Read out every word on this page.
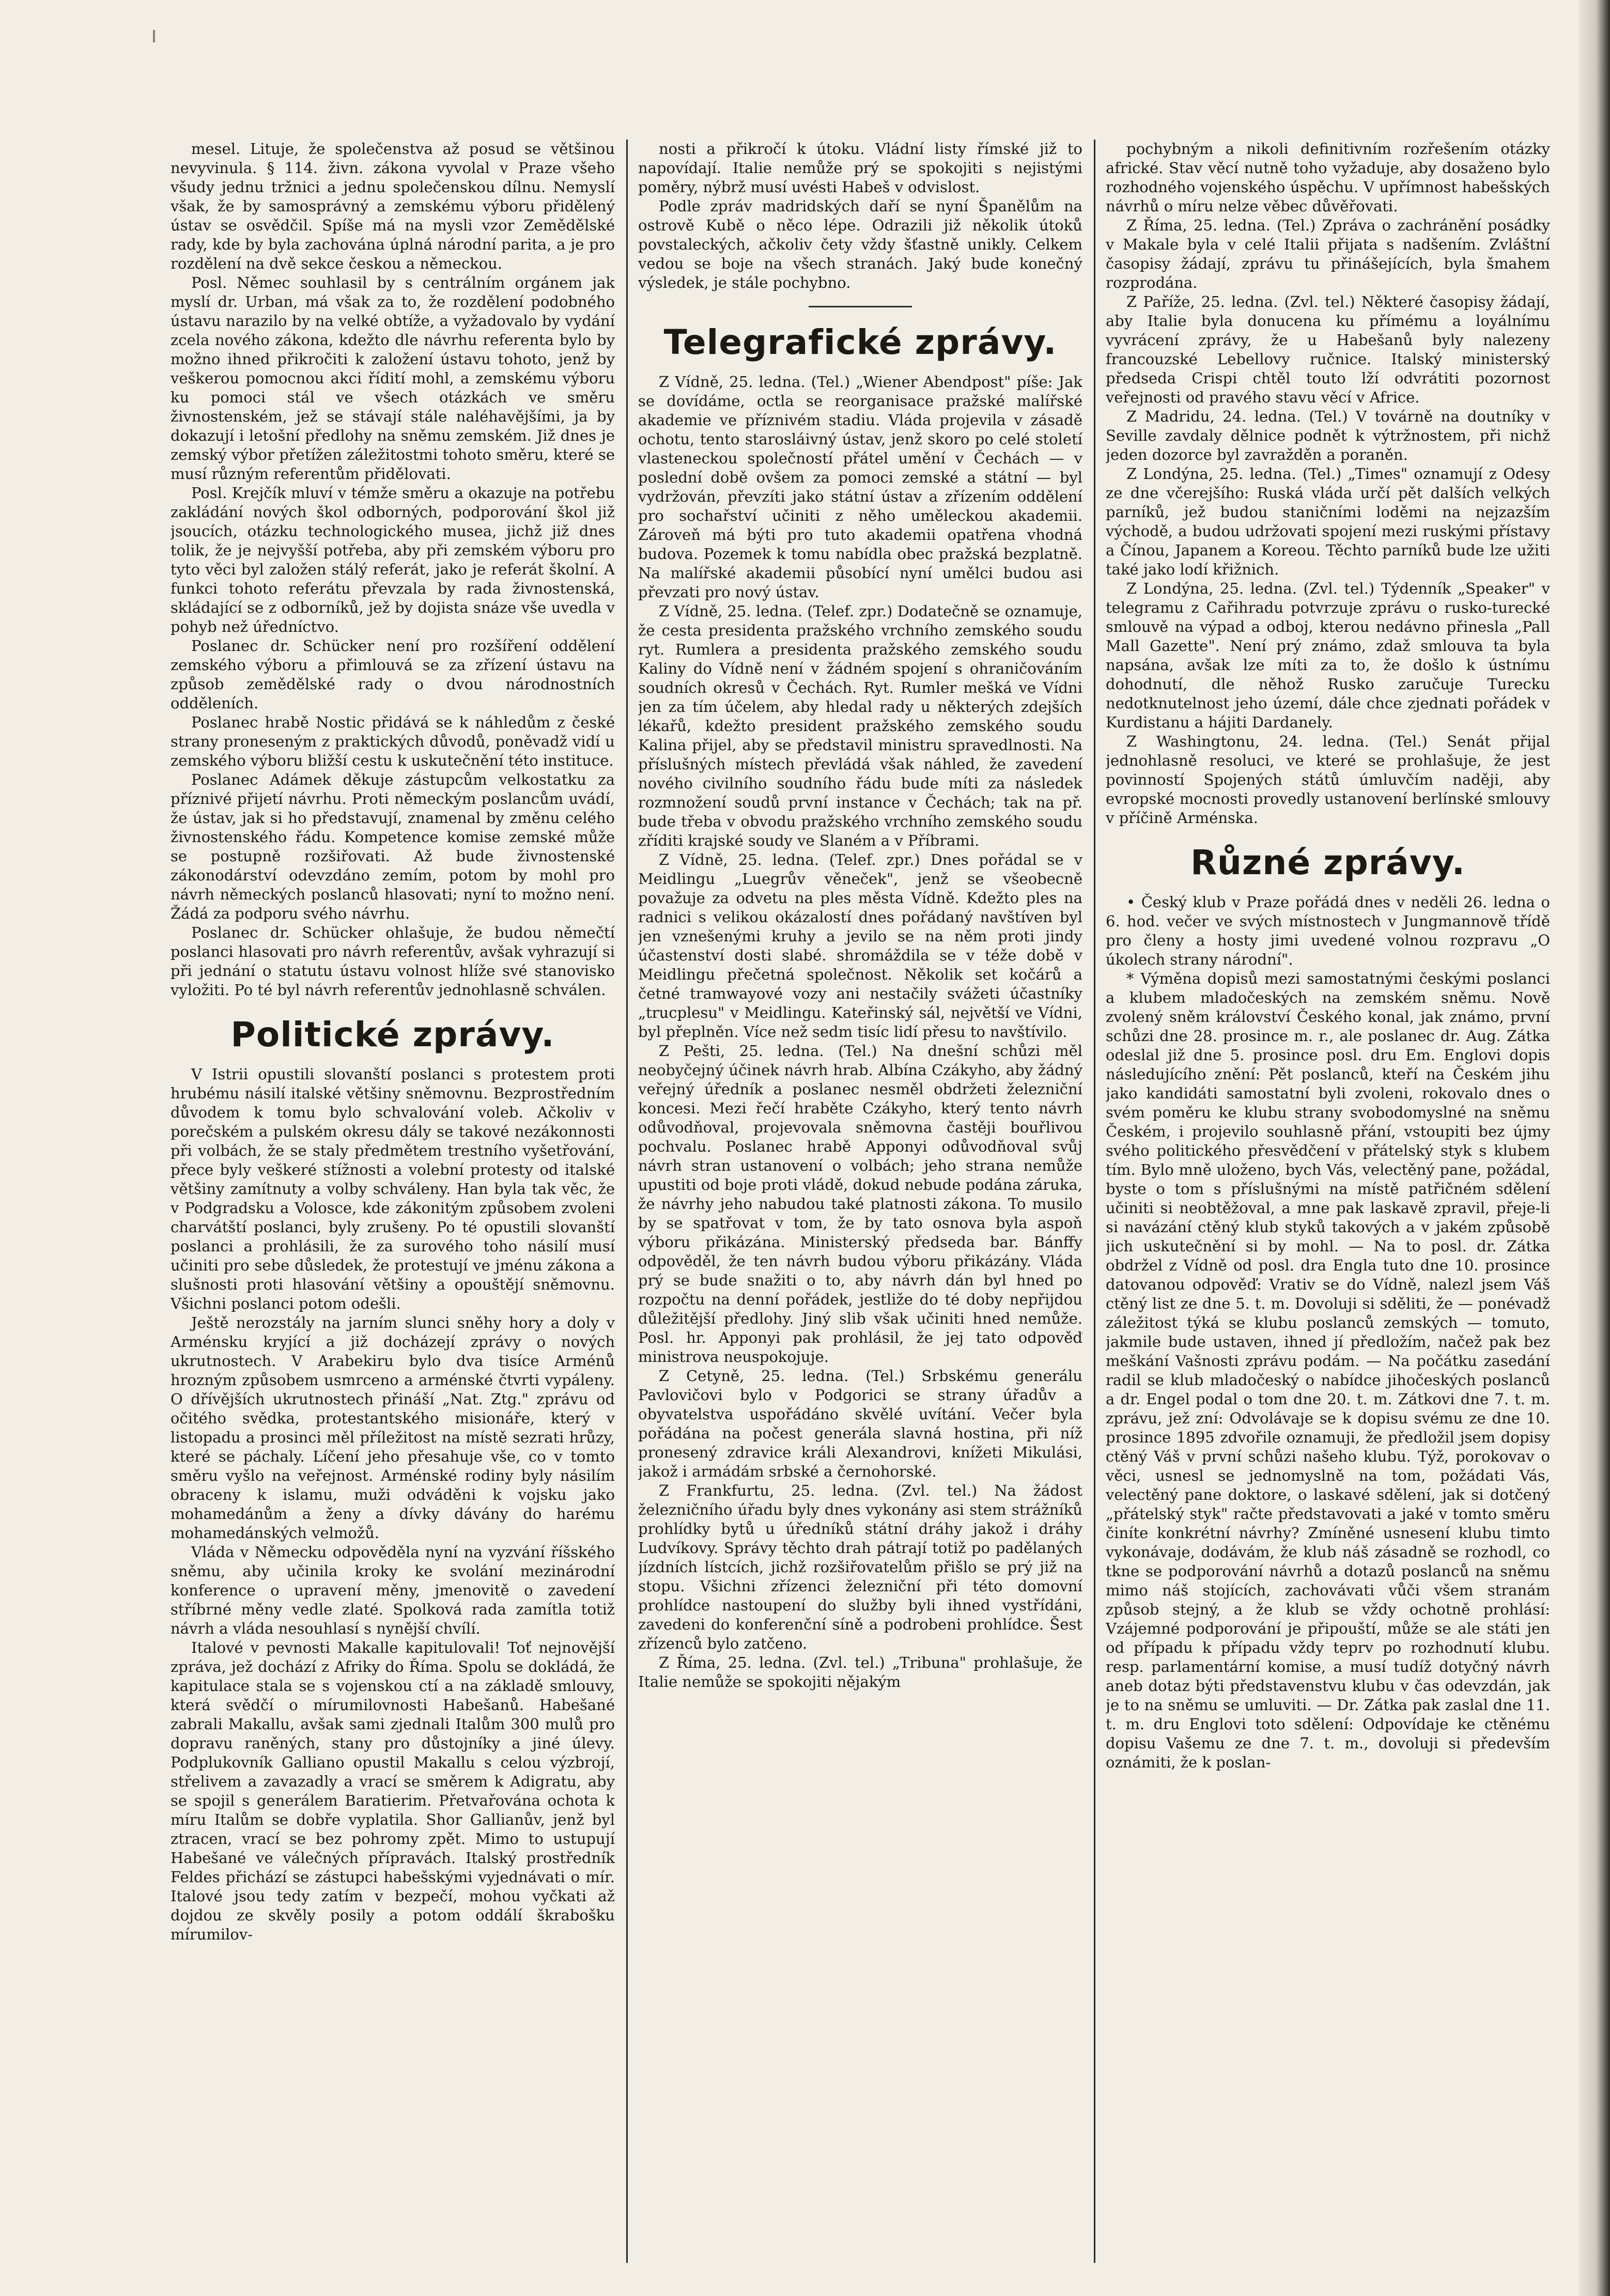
mesel. Lituje, že společenstva až posud se většinou nevyvinula. § 114. živn. zákona vyvolal v Praze všeho všudy jednu tržnici a jednu společenskou dílnu. Nemyslí však, že by samosprávný a zemskému výboru přidělený ústav se osvědčil. Spíše má na mysli vzor Zemědělské rady, kde by byla zachována úplná národní parita, a je pro rozdělení na dvě sekce českou a německou.

Posl. Němec souhlasil by s centrálním orgánem jak myslí dr. Urban, má však za to, že rozdělení podobného ústavu narazilo by na velké obtíže, a vyžadovalo by vydání zcela nového zákona, kdežto dle návrhu referenta bylo by možno ihned přikročiti k založení ústavu tohoto, jenž by veškerou pomocnou akci řídití mohl, a zemskému výboru ku pomoci stál ve všech otázkách ve směru živnostenském, jež se stávají stále naléhavějšími, ja by dokazují i letošní předlohy na sněmu zemském. Již dnes je zemský výbor přetížen záležitostmi tohoto směru, které se musí různým referentům přidělovati.

Posl. Krejčík mluví v témže směru a okazuje na potřebu zakládání nových škol odborných, podporování škol již jsoucích, otázku technologického musea, jichž již dnes tolik, že je nejvyšší potřeba, aby při zemském výboru pro tyto věci byl založen stálý referát, jako je referát školní. A funkci tohoto referátu převzala by rada živnostenská, skládající se z odborníků, jež by dojista snáze vše uvedla v pohyb než úředníctvo.

Poslanec dr. Schücker není pro rozšíření oddělení zemského výboru a přimlouvá se za zřízení ústavu na způsob zemědělské rady o dvou národnostních odděleních.

Poslanec hrabě Nostic přidává se k náhledům z české strany proneseným z praktických důvodů, poněvadž vidí u zemského výboru bližší cestu k uskutečnění této instituce.

Poslanec Adámek děkuje zástupcům velkostatku za příznivé přijetí návrhu. Proti německým poslancům uvádí, že ústav, jak si ho představují, znamenal by změnu celého živnostenského řádu. Kompetence komise zemské může se postupně rozšiřovati. Až bude živnostenské zákonodárství odevzdáno zemím, potom by mohl pro návrh německých poslanců hlasovati; nyní to možno není. Žádá za podporu svého návrhu.

Poslanec dr. Schücker ohlašuje, že budou němečtí poslanci hlasovati pro návrh referentův, avšak vyhrazují si při jednání o statutu ústavu volnost hlíže své stanovisko vyložiti. Po té byl návrh referentův jednohlasně schválen.

Politické zprávy.

V Istrii opustili slovanští poslanci s protestem proti hrubému násilí italské většiny sněmovnu. Bezprostředním důvodem k tomu bylo schvalování voleb. Ačkoliv v porečském a pulském okresu dály se takové nezákonnosti při volbách, že se staly předmětem trestního vyšetřování, přece byly veškeré stížnosti a volební protesty od italské většiny zamítnuty a volby schváleny. Han byla tak věc, že v Podgradsku a Volosce, kde zákonitým způsobem zvoleni charvátští poslanci, byly zrušeny. Po té opustili slovanští poslanci a prohlásili, že za surového toho násilí musí učiniti pro sebe důsledek, že protestují ve jménu zákona a slušnosti proti hlasování většiny a opouštějí sněmovnu. Všichni poslanci potom odešli.

Ještě nerozstály na jarním slunci sněhy hory a doly v Arménsku kryjící a již docházejí zprávy o nových ukrutnostech. V Arabekiru bylo dva tisíce Arménů hrozným způsobem usmrceno a arménské čtvrti vypáleny. O dřívějších ukrutnostech přináší „Nat. Ztg." zprávu od očitého svědka, protestantského misionáře, který v listopadu a prosinci měl příležitost na místě sezrati hrůzy, které se páchaly. Líčení jeho přesahuje vše, co v tomto směru vyšlo na veřejnost. Arménské rodiny byly násilím obraceny k islamu, muži odváděni k vojsku jako mohamedánům a ženy a dívky dávány do harému mohamedánských velmožů.

Vláda v Německu odpověděla nyní na vyzvání říšského sněmu, aby učinila kroky ke svolání mezinárodní konference o upravení měny, jmenovitě o zavedení stříbrné měny vedle zlaté. Spolková rada zamítla totiž návrh a vláda nesouhlasí s nynější chvílí.

Italové v pevnosti Makalle kapitulovali! Toť nejnovější zpráva, jež dochází z Afriky do Říma. Spolu se dokládá, že kapitulace stala se s vojenskou ctí a na základě smlouvy, která svědčí o mírumilovnosti Habešanů. Habešané zabrali Makallu, avšak sami zjednali Italům 300 mulů pro dopravu raněných, stany pro důstojníky a jiné úlevy. Podplukovník Galliano opustil Makallu s celou výzbrojí, střelivem a zavazadly a vrací se směrem k Adigratu, aby se spojil s generálem Baratierim. Přetvařována ochota k míru Italům se dobře vyplatila. Shor Gallianův, jenž byl ztracen, vrací se bez pohromy zpět. Mimo to ustupují Habešané ve válečných přípravách. Italský prostředník Feldes přichází se zástupci habešskými vyjednávati o mír. Italové jsou tedy zatím v bezpečí, mohou vyčkati až dojdou ze skvěly posily a potom oddálí škrabošku mírumilov-

nosti a přikročí k útoku. Vládní listy římské již to napovídají. Italie nemůže prý se spokojiti s nejistými poměry, nýbrž musí uvésti Habeš v odvislost.

Podle zpráv madridských daří se nyní Španělům na ostrově Kubě o něco lépe. Odrazili již několik útoků povstaleckých, ačkoliv čety vždy šťastně unikly. Celkem vedou se boje na všech stranách. Jaký bude konečný výsledek, je stále pochybno.

Telegrafické zprávy.

Z Vídně, 25. ledna. (Tel.) „Wiener Abendpost" píše: Jak se dovídáme, octla se reorganisace pražské malířské akademie ve příznivém stadiu. Vláda projevila v zásadě ochotu, tento starosláivný ústav, jenž skoro po celé století vlasteneckou společností přátel umění v Čechách — v poslední době ovšem za pomoci zemské a státní — byl vydržován, převzíti jako státní ústav a zřízením oddělení pro sochařství učiniti z něho uměleckou akademii. Zároveň má býti pro tuto akademii opatřena vhodná budova. Pozemek k tomu nabídla obec pražská bezplatně. Na malířské akademii působící nyní umělci budou asi převzati pro nový ústav.

Z Vídně, 25. ledna. (Telef. zpr.) Dodatečně se oznamuje, že cesta presidenta pražského vrchního zemského soudu ryt. Rumlera a presidenta pražského zemského soudu Kaliny do Vídně není v žádném spojení s ohraničováním soudních okresů v Čechách. Ryt. Rumler mešká ve Vídni jen za tím účelem, aby hledal rady u některých zdejších lékařů, kdežto president pražského zemského soudu Kalina přijel, aby se představil ministru spravedlnosti. Na příslušných místech převládá však náhled, že zavedení nového civilního soudního řádu bude míti za následek rozmnožení soudů první instance v Čechách; tak na př. bude třeba v obvodu pražského vrchního zemského soudu zříditi krajské soudy ve Slaném a v Příbrami.

Z Vídně, 25. ledna. (Telef. zpr.) Dnes pořádal se v Meidlingu „Luegrův věneček", jenž se všeobecně považuje za odvetu na ples města Vídně. Kdežto ples na radnici s velikou okázalostí dnes pořádaný navštíven byl jen vznešenými kruhy a jevilo se na něm proti jindy účastenství dosti slabé. shromáždila se v téže době v Meidlingu přečetná společnost. Několik set kočárů a četné tramwayové vozy ani nestačily svážeti účastníky „trucplesu" v Meidlingu. Kateřinský sál, největší ve Vídni, byl přeplněn. Více než sedm tisíc lidí přesu to navštívilo.

Z Pešti, 25. ledna. (Tel.) Na dnešní schůzi měl neobyčejný účinek návrh hrab. Albína Czákyho, aby žádný veřejný úředník a poslanec nesměl obdržeti železniční koncesi. Mezi řečí hraběte Czákyho, který tento návrh odůvodňoval, projevovala sněmovna častěji bouřlivou pochvalu. Poslanec hrabě Apponyi odůvodňoval svůj návrh stran ustanovení o volbách; jeho strana nemůže upustiti od boje proti vládě, dokud nebude podána záruka, že návrhy jeho nabudou také platnosti zákona. To musilo by se spatřovat v tom, že by tato osnova byla aspoň výboru přikázána. Ministerský předseda bar. Bánffy odpověděl, že ten návrh budou výboru přikázány. Vláda prý se bude snažiti o to, aby návrh dán byl hned po rozpočtu na denní pořádek, jestliže do té doby nepřijdou důležitější předlohy. Jiný slib však učiniti hned nemůže. Posl. hr. Apponyi pak prohlásil, že jej tato odpověď ministrova neuspokojuje.

Z Cetyně, 25. ledna. (Tel.) Srbskému generálu Pavlovičovi bylo v Podgorici se strany úřadův a obyvatelstva uspořádáno skvělé uvítání. Večer byla pořádána na počest generála slavná hostina, při níž pronesený zdravice králi Alexandrovi, knížeti Mikulási, jakož i armádám srbské a černohorské.

Z Frankfurtu, 25. ledna. (Zvl. tel.) Na žádost železničního úřadu byly dnes vykonány asi stem strážníků prohlídky bytů u úředníků státní dráhy jakož i dráhy Ludvíkovy. Správy těchto drah pátrají totiž po padělaných jízdních lístcích, jichž rozšiřovatelům přišlo se prý již na stopu. Všichni zřízenci železniční při této domovní prohlídce nastoupení do služby byli ihned vystřídáni, zavedeni do konferenční síně a podrobeni prohlídce. Šest zřízenců bylo zatčeno.

Z Říma, 25. ledna. (Zvl. tel.) „Tribuna" prohlašuje, že Italie nemůže se spokojiti nějakým

pochybným a nikoli definitivním rozřešením otázky africké. Stav věcí nutně toho vyžaduje, aby dosaženo bylo rozhodného vojenského úspěchu. V upřímnost habešských návrhů o míru nelze věbec důvěřovati.

Z Říma, 25. ledna. (Tel.) Zpráva o zachránění posádky v Makale byla v celé Italii přijata s nadšením. Zvláštní časopisy žádají, zprávu tu přinášejících, byla šmahem rozprodána.

Z Paříže, 25. ledna. (Zvl. tel.) Některé časopisy žádají, aby Italie byla donucena ku přímému a loyálnímu vyvrácení zprávy, že u Habešanů byly nalezeny francouzské Lebellovy ručnice. Italský ministerský předseda Crispi chtěl touto lží odvrátiti pozornost veřejnosti od pravého stavu věcí v Africe.

Z Madridu, 24. ledna. (Tel.) V továrně na doutníky v Seville zavdaly dělnice podnět k výtržnostem, při nichž jeden dozorce byl zavražděn a poraněn.

Z Londýna, 25. ledna. (Tel.) „Times" oznamují z Odesy ze dne včerejšího: Ruská vláda určí pět dalších velkých parníků, jež budou staničními loděmi na nejzazším východě, a budou udržovati spojení mezi ruskými přístavy a Čínou, Japanem a Koreou. Těchto parníků bude lze užiti také jako lodí křižnich.

Z Londýna, 25. ledna. (Zvl. tel.) Týdenník „Speaker" v telegramu z Cařihradu potvrzuje zprávu o rusko-turecké smlouvě na výpad a odboj, kterou nedávno přinesla „Pall Mall Gazette". Není prý známo, zdaž smlouva ta byla napsána, avšak lze míti za to, že došlo k ústnímu dohodnutí, dle něhož Rusko zaručuje Turecku nedotknutelnost jeho území, dále chce zjednati pořádek v Kurdistanu a hájiti Dardanely.

Z Washingtonu, 24. ledna. (Tel.) Senát přijal jednohlasně resoluci, ve které se prohlašuje, že jest povinností Spojených států úmluvčím naději, aby evropské mocnosti provedly ustanovení berlínské smlouvy v příčině Arménska.

Různé zprávy.

• Český klub v Praze pořádá dnes v neděli 26. ledna o 6. hod. večer ve svých místnostech v Jungmannově třídě pro členy a hosty jimi uvedené volnou rozpravu „O úkolech strany národní".

* Výměna dopisů mezi samostatnými českými poslanci a klubem mladočeských na zemském sněmu. Nově zvolený sněm království Českého konal, jak známo, první schůzi dne 28. prosince m. r., ale poslanec dr. Aug. Zátka odeslal již dne 5. prosince posl. dru Em. Englovi dopis následujícího znění: Pět poslanců, kteří na Českém jihu jako kandidáti samostatní byli zvoleni, rokovalo dnes o svém poměru ke klubu strany svobodomyslné na sněmu Českém, i projevilo souhlasně přání, vstoupiti bez újmy svého politického přesvědčení v přátelský styk s klubem tím. Bylo mně uloženo, bych Vás, velectěný pane, požádal, byste o tom s příslušnými na místě patřičném sdělení učiniti si neobtěžoval, a mne pak laskavě zpravil, přeje-li si navázání ctěný klub styků takových a v jakém způsobě jich uskutečnění si by mohl. — Na to posl. dr. Zátka obdržel z Vídně od posl. dra Engla tuto dne 10. prosince datovanou odpověď: Vrativ se do Vídně, nalezl jsem Váš ctěný list ze dne 5. t. m. Dovoluji si sděliti, že — ponévadž záležitost týká se klubu poslanců zemských — tomuto, jakmile bude ustaven, ihned jí předložím, načež pak bez meškání Vašnosti zprávu podám. — Na počátku zasedání radil se klub mladočeský o nabídce jihočeských poslanců a dr. Engel podal o tom dne 20. t. m. Zátkovi dne 7. t. m. zprávu, jež zní: Odvolávaje se k dopisu svému ze dne 10. prosince 1895 zdvořile oznamuji, že předložil jsem dopisy ctěný Váš v první schůzi našeho klubu. Týž, porokovav o věci, usnesl se jednomyslně na tom, požádati Vás, velectěný pane doktore, o laskavé sdělení, jak si dotčený „přátelský styk" račte představovati a jaké v tomto směru činíte konkrétní návrhy? Zmíněné usnesení klubu timto vykonávaje, dodávám, že klub náš zásadně se rozhodl, co tkne se podporování návrhů a dotazů poslanců na sněmu mimo náš stojících, zachovávati vůči všem stranám způsob stejný, a že klub se vždy ochotně prohlásí: Vzájemné podporování je připouští, může se ale státi jen od případu k případu vždy teprv po rozhodnutí klubu. resp. parlamentární komise, a musí tudíž dotyčný návrh aneb dotaz býti představenstvu klubu v čas odevzdán, jak je to na sněmu se umluviti. — Dr. Zátka pak zaslal dne 11. t. m. dru Englovi toto sdělení: Odpovídaje ke ctěnému dopisu Vašemu ze dne 7. t. m., dovoluji si především oznámiti, že k poslan-
